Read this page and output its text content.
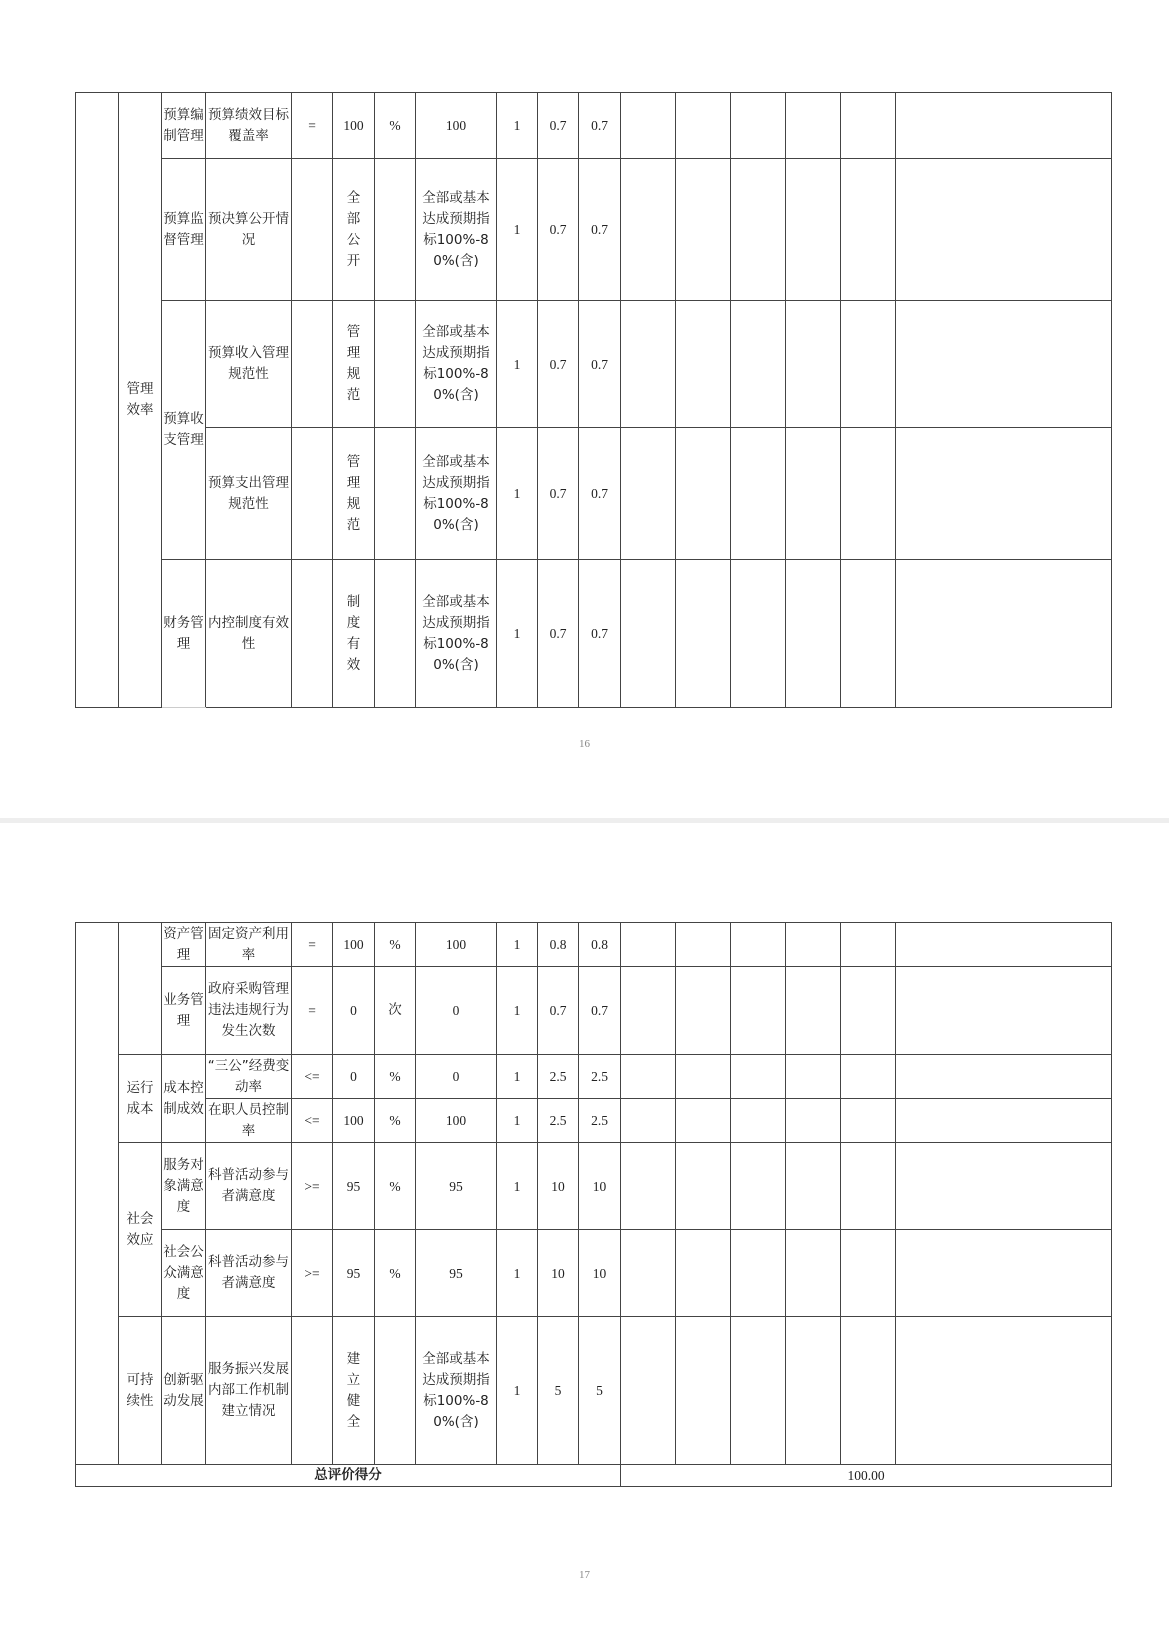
	管理效率	预算编制管理	预算绩效目标覆盖率	=	100	%	100	1	0.7	0.7						
		预算监督管理	预决算公开情况		全
部
公
开		全部或基本达成预期指标100%-80%(含)	1	0.7	0.7						
		预算收支管理	预算收入管理规范性		管
理
规
范		全部或基本达成预期指标100%-80%(含)	1	0.7	0.7						
			预算支出管理规范性		管
理
规
范		全部或基本达成预期指标100%-80%(含)	1	0.7	0.7						
		财务管理	内控制度有效性		制
度
有
效		全部或基本达成预期指标100%-80%(含)	1	0.7	0.7						
16
		资产管理	固定资产利用率	=	100	%	100	1	0.8	0.8						
		业务管理	政府采购管理违法违规行为发生次数	=	0	次	0	1	0.7	0.7						
	运行成本	成本控制成效	“三公”经费变动率	<=	0	%	0	1	2.5	2.5						
			在职人员控制率	<=	100	%	100	1	2.5	2.5						
	社会效应	服务对象满意度	科普活动参与者满意度	>=	95	%	95	1	10	10						
		社会公众满意度	科普活动参与者满意度	>=	95	%	95	1	10	10						
	可持续性	创新驱动发展	服务振兴发展内部工作机制建立情况		建
立
健
全		全部或基本达成预期指标100%-80%(含)	1	5	5						
总评价得分											100.00					
17
